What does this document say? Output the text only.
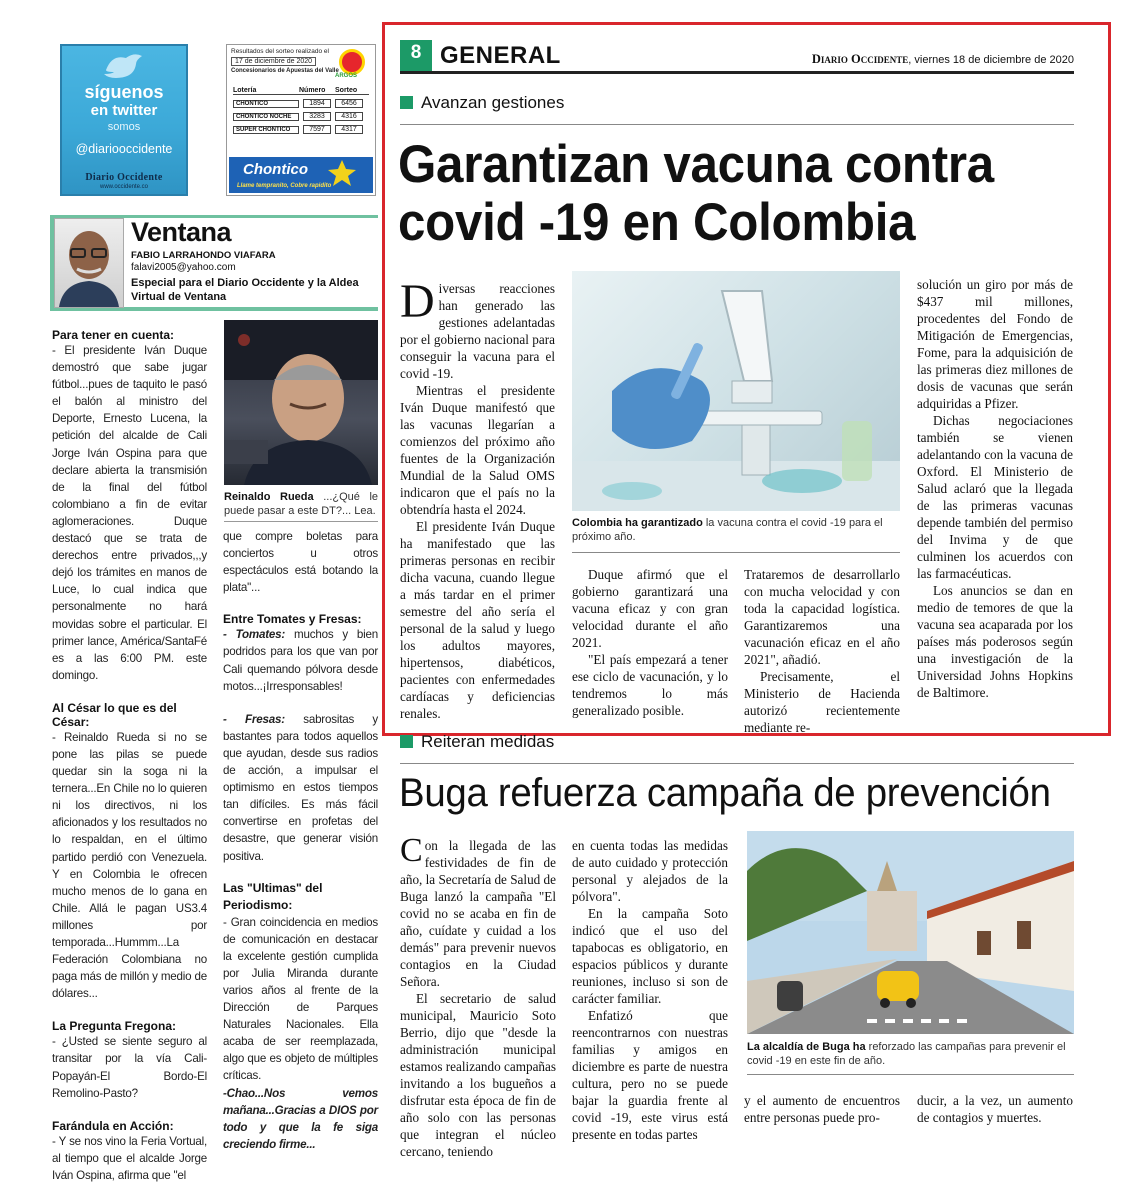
síguenos
en twitter
somos
@diariooccidente
Diario Occidente
www.occidente.co
Resultados del sorteo realizado el
17 de diciembre de 2020
Concesionarios de Apuestas del Valle
ARGOS
Lotería	Número	Sorteo
CHONTICO	1894	6456
CHONTICO NOCHE	3283	4316
SUPER CHONTICO	7597	4317
Chontico
Llame tempranito, Cobre rapidito
Ventana
FABIO LARRAHONDO VIAFARA
falavi2005@yahoo.com
Especial para el Diario Occidente y la Aldea Virtual de Ventana
Para tener en cuenta:

- El presidente Iván Duque demostró que sabe jugar fútbol...pues de taquito le pasó el balón al ministro del Deporte, Ernesto Lucena, la petición del alcalde de Cali Jorge Iván Ospina para que declare abierta la transmisión de la final del fútbol colombiano a fin de evitar aglomeraciones. Duque destacó que se trata de derechos entre privados,,,y dejó los trámites en manos de Luce, lo cual indica que personalmente no hará movidas sobre el particular. El primer lance, América/SantaFé es a las 6:00 PM. este domingo.

Al César lo que es del César:

- Reinaldo Rueda si no se pone las pilas se puede quedar sin la soga ni la ternera...En Chile no lo quieren ni los directivos, ni los aficionados y los resultados no lo respaldan, en el último partido perdió con Venezuela. Y en Colombia le ofrecen mucho menos de lo gana en Chile. Allá le pagan US3.4 millones por temporada...Hummm...La Federación Colombiana no paga más de millón y medio de dólares...

La Pregunta Fregona:

- ¿Usted se siente seguro al transitar por la vía Cali-Popayán-El Bordo-El Remolino-Pasto?

Farándula en Acción:

- Y se nos vino la Feria Vortual, al tiempo que el alcalde Jorge Iván Ospina, afirma que "el

Reinaldo Rueda ...¿Qué le puede pasar a este DT?... Lea.

que compre boletas para conciertos u otros espectáculos está botando la plata"...

Entre Tomates y Fresas:

- Tomates: muchos y bien podridos para los que van por Cali quemando pólvora desde motos...¡Irresponsables!

- Fresas: sabrositas y bastantes para todos aquellos que ayudan, desde sus radios de acción, a impulsar el optimismo en estos tiempos tan difíciles. Es más fácil convertirse en profetas del desastre, que generar visión positiva.

Las "Ultimas" del Periodismo:

- Gran coincidencia en medios de comunicación en destacar la excelente gestión cumplida por Julia Miranda durante varios años al frente de la Dirección de Parques Naturales Nacionales. Ella acaba de ser reemplazada, algo que es objeto de múltiples críticas.

-Chao...Nos vemos mañana...Gracias a DIOS por todo y que la fe siga creciendo firme...

8 GENERAL	Diario Occidente, viernes 18 de diciembre de 2020
Avanzan gestiones
Garantizan vacuna contra
covid -19 en Colombia

Diversas reacciones han generado las gestiones adelantadas por el gobierno nacional para conseguir la vacuna para el covid -19.

Mientras el presidente Iván Duque manifestó que las vacunas llegarían a comienzos del próximo año fuentes de la Organización Mundial de la Salud OMS indicaron que el país no la obtendría hasta el 2024.

El presidente Iván Duque ha manifestado que las primeras personas en recibir dicha vacuna, cuando llegue a más tardar en el primer semestre del año sería el personal de la salud y luego los adultos mayores, hipertensos, diabéticos, pacientes con enfermedades cardíacas y deficiencias renales.

Colombia ha garantizado la vacuna contra el covid -19 para el próximo año.

Duque afirmó que el gobierno garantizará una vacuna eficaz y con gran velocidad durante el año 2021.

"El país empezará a tener ese ciclo de vacunación, y lo tendremos lo más generalizado posible.

Trataremos de desarrollarlo con mucha velocidad y con toda la capacidad logística. Garantizaremos una vacunación eficaz en el año 2021", añadió.

Precisamente, el Ministerio de Hacienda autorizó recientemente mediante re-

solución un giro por más de $437 mil millones, procedentes del Fondo de Mitigación de Emergencias, Fome, para la adquisición de las primeras diez millones de dosis de vacunas que serán adquiridas a Pfizer.

Dichas negociaciones también se vienen adelantando con la vacuna de Oxford. El Ministerio de Salud aclaró que la llegada de las primeras vacunas depende también del permiso del Invima y de que culminen los acuerdos con las farmacéuticas.

Los anuncios se dan en medio de temores de que la vacuna sea acaparada por los países más poderosos según una investigación de la Universidad Johns Hopkins de Baltimore.

Reiteran medidas
Buga refuerza campaña de prevención

Con la llegada de las festividades de fin de año, la Secretaría de Salud de Buga lanzó la campaña "El covid no se acaba en fin de año, cuídate y cuidad a los demás" para prevenir nuevos contagios en la Ciudad Señora.

El secretario de salud municipal, Mauricio Soto Berrio, dijo que "desde la administración municipal estamos realizando campañas invitando a los bugueños a disfrutar esta época de fin de año solo con las personas que integran el núcleo cercano, teniendo

en cuenta todas las medidas de auto cuidado y protección personal y alejados de la pólvora".

En la campaña Soto indicó que el uso del tapabocas es obligatorio, en espacios públicos y durante reuniones, incluso si son de carácter familiar.

Enfatizó que reencontrarnos con nuestras familias y amigos en diciembre es parte de nuestra cultura, pero no se puede bajar la guardia frente al covid -19, este virus está presente en todas partes

La alcaldía de Buga ha reforzado las campañas para prevenir el covid -19 en este fin de año.

y el aumento de encuentros entre personas puede pro-

ducir, a la vez, un aumento de contagios y muertes.
